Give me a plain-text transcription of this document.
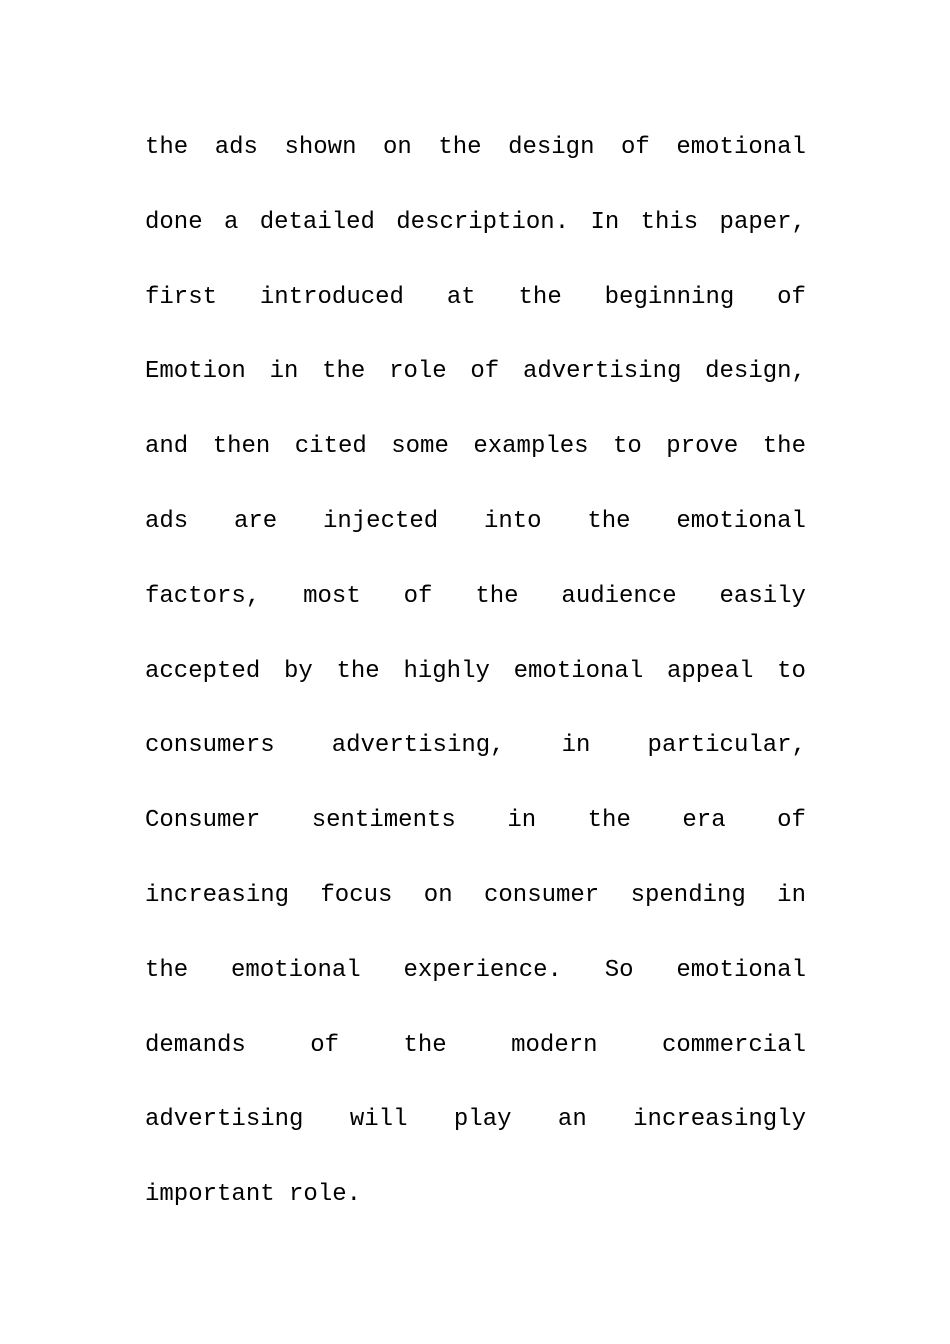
the ads shown on the design of emotional
done a detailed description. In this paper,
first introduced at the beginning of
Emotion in the role of advertising design,
and then cited some examples to prove the
ads are injected into the emotional
factors, most of the audience easily
accepted by the highly emotional appeal to
consumers advertising, in particular,
Consumer sentiments in the era of
increasing focus on consumer spending in
the emotional experience. So emotional
demands	of	the	modern	commercial
advertising will play an increasingly
important role.
